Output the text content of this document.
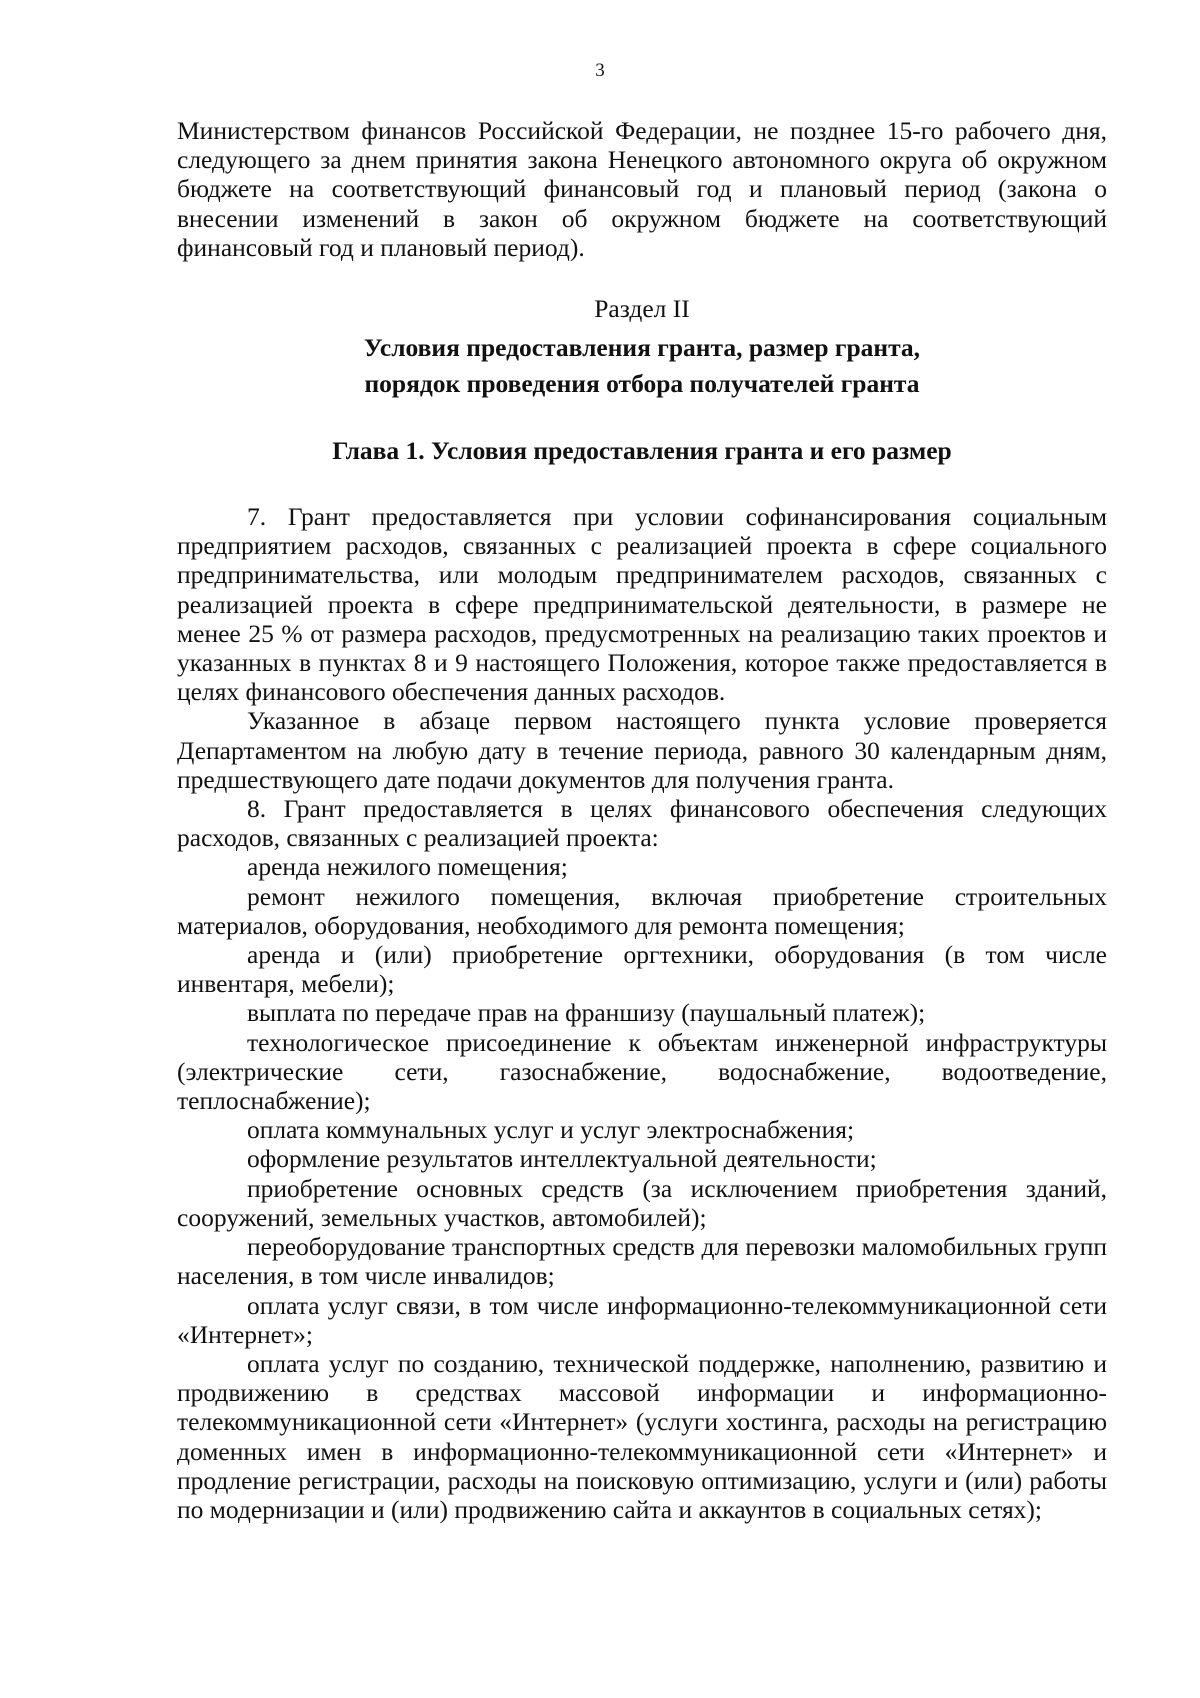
3

Министерством финансов Российской Федерации, не позднее 15-го рабочего дня, следующего за днем принятия закона Ненецкого автономного округа об окружном бюджете на соответствующий финансовый год и плановый период (закона о внесении изменений в закон об окружном бюджете на соответствующий финансовый год и плановый период).

Раздел II
Условия предоставления гранта, размер гранта,
порядок проведения отбора получателей гранта
Глава 1. Условия предоставления гранта и его размер

7. Грант предоставляется при условии софинансирования социальным предприятием расходов, связанных с реализацией проекта в сфере социального предпринимательства, или молодым предпринимателем расходов, связанных с реализацией проекта в сфере предпринимательской деятельности, в размере не менее 25 % от размера расходов, предусмотренных на реализацию таких проектов и указанных в пунктах 8 и 9 настоящего Положения, которое также предоставляется в целях финансового обеспечения данных расходов.

Указанное в абзаце первом настоящего пункта условие проверяется Департаментом на любую дату в течение периода, равного 30 календарным дням, предшествующего дате подачи документов для получения гранта.

8. Грант предоставляется в целях финансового обеспечения следующих расходов, связанных с реализацией проекта:

аренда нежилого помещения;

ремонт нежилого помещения, включая приобретение строительных материалов, оборудования, необходимого для ремонта помещения;

аренда и (или) приобретение оргтехники, оборудования (в том числе инвентаря, мебели);

выплата по передаче прав на франшизу (паушальный платеж);

технологическое присоединение к объектам инженерной инфраструктуры (электрические сети, газоснабжение, водоснабжение, водоотведение, теплоснабжение);

оплата коммунальных услуг и услуг электроснабжения;

оформление результатов интеллектуальной деятельности;

приобретение основных средств (за исключением приобретения зданий, сооружений, земельных участков, автомобилей);

переоборудование транспортных средств для перевозки маломобильных групп населения, в том числе инвалидов;

оплата услуг связи, в том числе информационно-телекоммуникационной сети «Интернет»;

оплата услуг по созданию, технической поддержке, наполнению, развитию и продвижению в средствах массовой информации и информационно-телекоммуникационной сети «Интернет» (услуги хостинга, расходы на регистрацию доменных имен в информационно-телекоммуникационной сети «Интернет» и продление регистрации, расходы на поисковую оптимизацию, услуги и (или) работы по модернизации и (или) продвижению сайта и аккаунтов в социальных сетях);
